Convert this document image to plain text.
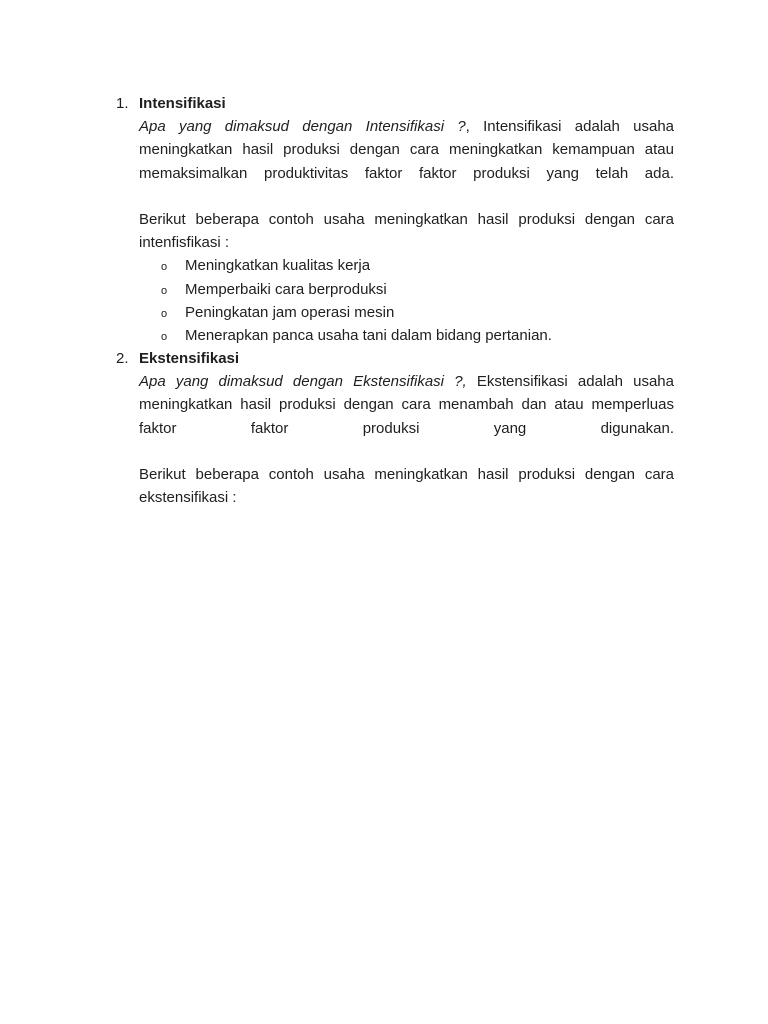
1. Intensifikasi

Apa yang dimaksud dengan Intensifikasi ?, Intensifikasi adalah usaha meningkatkan hasil produksi dengan cara meningkatkan kemampuan atau memaksimalkan produktivitas faktor faktor produksi yang telah ada.

Berikut beberapa contoh usaha meningkatkan hasil produksi dengan cara intenfisfikasi :

o	Meningkatkan kualitas kerja
o	Memperbaiki cara berproduksi
o	Peningkatan jam operasi mesin
o	Menerapkan panca usaha tani dalam bidang pertanian.
2. Ekstensifikasi

Apa yang dimaksud dengan Ekstensifikasi ?, Ekstensifikasi adalah usaha meningkatkan hasil produksi dengan cara menambah dan atau memperluas faktor faktor produksi yang digunakan.

Berikut beberapa contoh usaha meningkatkan hasil produksi dengan cara ekstensifikasi :
